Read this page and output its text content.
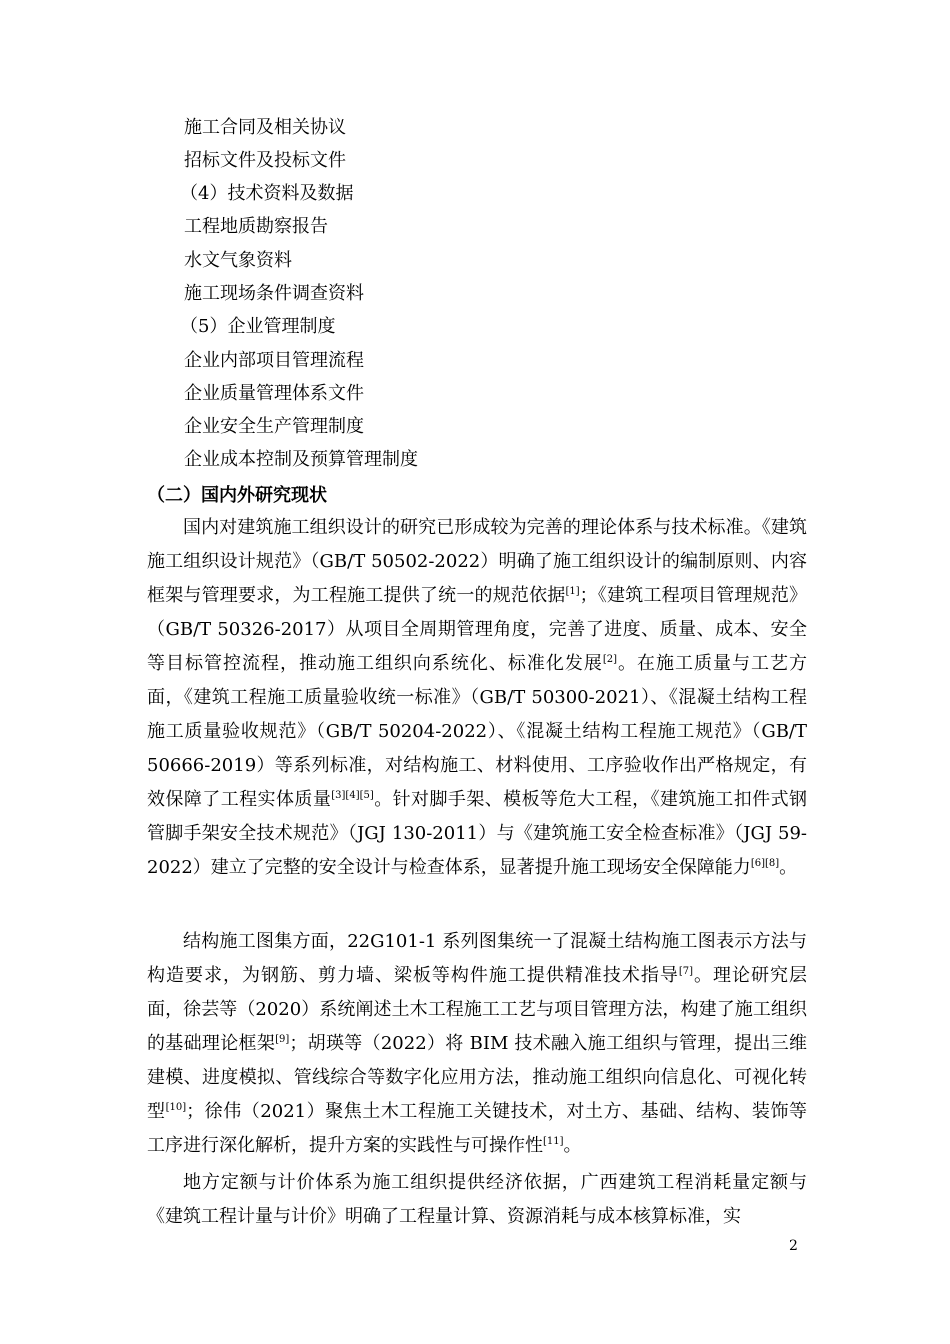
施工合同及相关协议
招标文件及投标文件
（4）技术资料及数据
工程地质勘察报告
水文气象资料
施工现场条件调查资料
（5）企业管理制度
企业内部项目管理流程
企业质量管理体系文件
企业安全生产管理制度
企业成本控制及预算管理制度
（二）国内外研究现状
国内对建筑施工组织设计的研究已形成较为完善的理论体系与技术标准。《建筑施工组织设计规范》（GB/T 50502-2022）明确了施工组织设计的编制原则、内容框架与管理要求，为工程施工提供了统一的规范依据[1]；《建筑工程项目管理规范》（GB/T 50326-2017）从项目全周期管理角度，完善了进度、质量、成本、安全等目标管控流程，推动施工组织向系统化、标准化发展[2]。在施工质量与工艺方面，《建筑工程施工质量验收统一标准》（GB/T 50300-2021）、《混凝土结构工程施工质量验收规范》（GB/T 50204-2022）、《混凝土结构工程施工规范》（GB/T 50666-2019）等系列标准，对结构施工、材料使用、工序验收作出严格规定，有效保障了工程实体质量[3][4][5]。针对脚手架、模板等危大工程，《建筑施工扣件式钢管脚手架安全技术规范》（JGJ 130-2011）与《建筑施工安全检查标准》（JGJ 59-2022）建立了完整的安全设计与检查体系，显著提升施工现场安全保障能力[6][8]。
结构施工图集方面，22G101-1 系列图集统一了混凝土结构施工图表示方法与构造要求，为钢筋、剪力墙、梁板等构件施工提供精准技术指导[7]。理论研究层面，徐芸等（2020）系统阐述土木工程施工工艺与项目管理方法，构建了施工组织的基础理论框架[9]；胡瑛等（2022）将 BIM 技术融入施工组织与管理，提出三维建模、进度模拟、管线综合等数字化应用方法，推动施工组织向信息化、可视化转型[10]；徐伟（2021）聚焦土木工程施工关键技术，对土方、基础、结构、装饰等工序进行深化解析，提升方案的实践性与可操作性[11]。
地方定额与计价体系为施工组织提供经济依据，广西建筑工程消耗量定额与《建筑工程计量与计价》明确了工程量计算、资源消耗与成本核算标准，实
2
